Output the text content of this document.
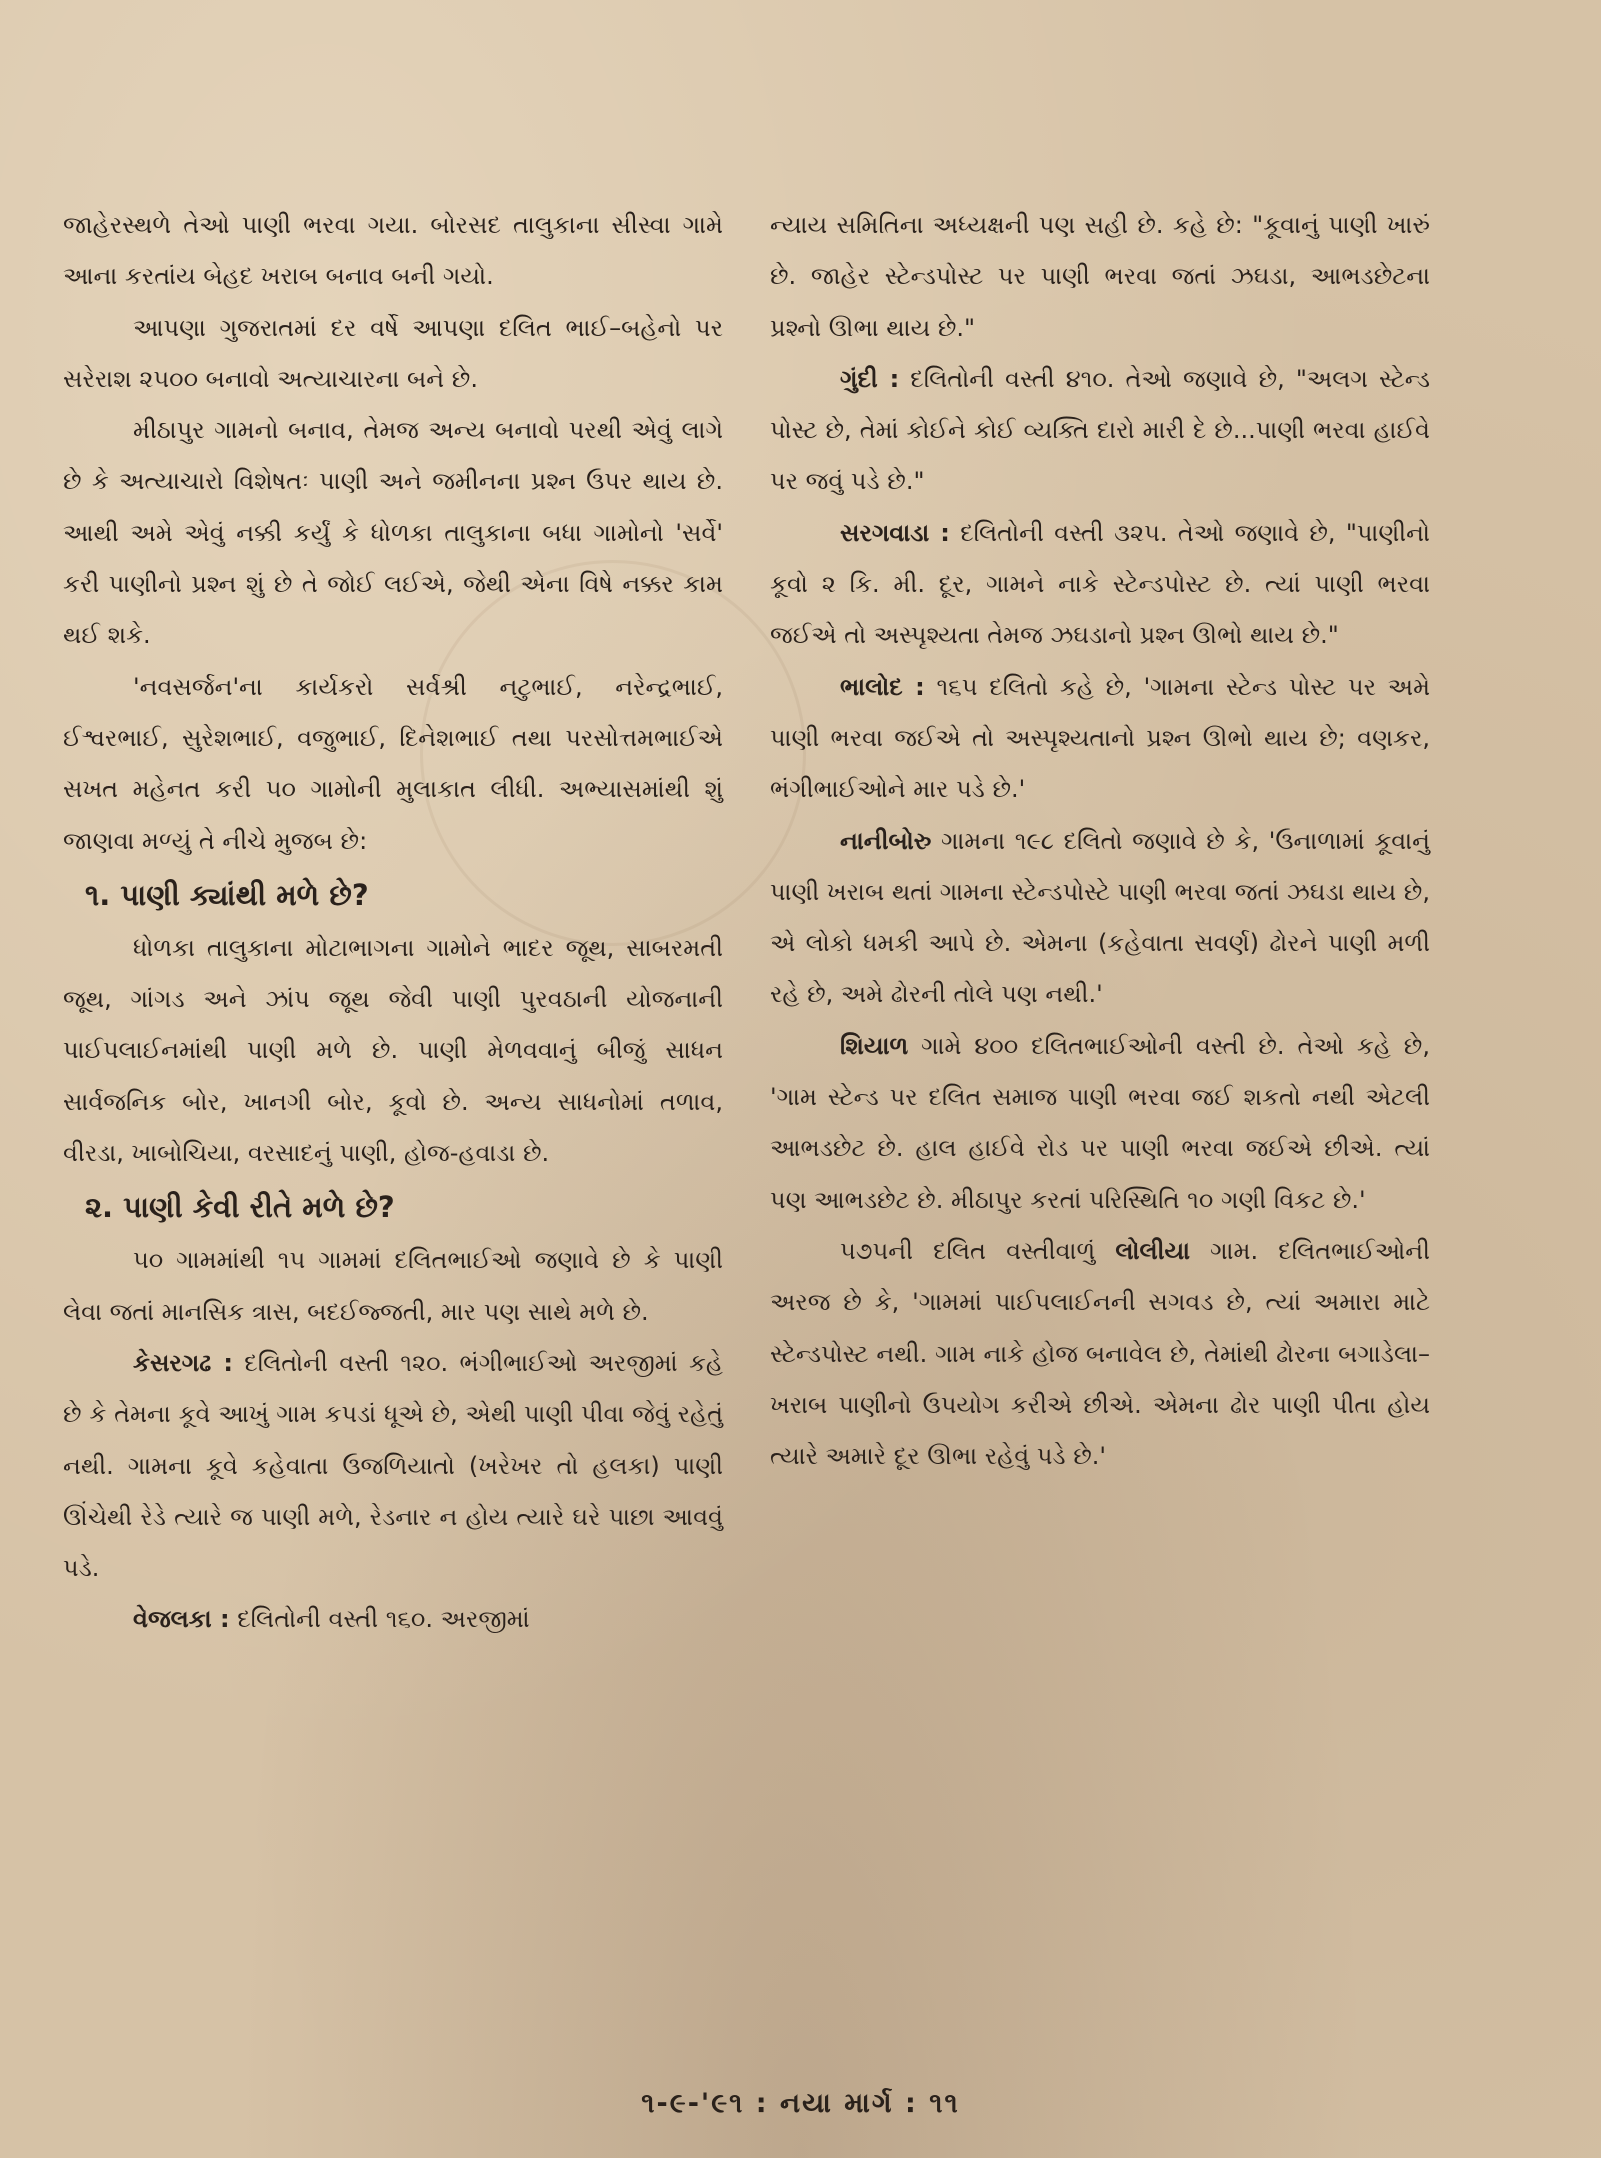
જાહેરસ્થળે તેઓ પાણી ભરવા ગયા. બોરસદ તાલુકાના સીસ્વા ગામે આના કરતાંય બેહદ ખરાબ બનાવ બની ગયો.

આપણા ગુજરાતમાં દર વર્ષે આપણા દલિત ભાઈ–બહેનો પર સરેરાશ ૨૫૦૦ બનાવો અત્યાચારના બને છે.

મીઠાપુર ગામનો બનાવ, તેમજ અન્ય બનાવો પરથી એવું લાગે છે કે અત્યાચારો વિશેષતઃ પાણી અને જમીનના પ્રશ્ન ઉપર થાય છે. આથી અમે એવું નક્કી કર્યું કે ધોળકા તાલુકાના બધા ગામોનો 'સર્વે' કરી પાણીનો પ્રશ્ન શું છે તે જોઈ લઈએ, જેથી એના વિષે નક્કર કામ થઈ શકે.

'નવસર્જન'ના કાર્યકરો સર્વશ્રી નટુભાઈ, નરેન્દ્રભાઈ, ઈશ્વરભાઈ, સુરેશભાઈ, વજુભાઈ, દિનેશભાઈ તથા પરસોત્તમભાઈએ સખત મહેનત કરી ૫૦ ગામોની મુલાકાત લીધી. અભ્યાસમાંથી શું જાણવા મળ્યું તે નીચે મુજબ છે:

૧. પાણી ક્યાંથી મળે છે?

ધોળકા તાલુકાના મોટાભાગના ગામોને ભાદર જૂથ, સાબરમતી જૂથ, ગાંગડ અને ઝાંપ જૂથ જેવી પાણી પુરવઠાની યોજનાની પાઈપલાઈનમાંથી પાણી મળે છે. પાણી મેળવવાનું બીજું સાધન સાર્વજનિક બોર, ખાનગી બોર, કૂવો છે. અન્ય સાધનોમાં તળાવ, વીરડા, ખાબોચિયા, વરસાદનું પાણી, હોજ-હવાડા છે.

૨. પાણી કેવી રીતે મળે છે?

૫૦ ગામમાંથી ૧૫ ગામમાં દલિતભાઈઓ જણાવે છે કે પાણી લેવા જતાં માનસિક ત્રાસ, બદઈજ્જતી, માર પણ સાથે મળે છે.

કેસરગઢ : દલિતોની વસ્તી ૧૨૦. ભંગીભાઈઓ અરજીમાં કહે છે કે તેમના કૂવે આખું ગામ કપડાં ધૂએ છે, એથી પાણી પીવા જેવું રહેતું નથી. ગામના કૂવે કહેવાતા ઉજળિયાતો (ખરેખર તો હલકા) પાણી ઊંચેથી રેડે ત્યારે જ પાણી મળે, રેડનાર ન હોય ત્યારે ઘરે પાછા આવવું પડે.

વેજલકા : દલિતોની વસ્તી ૧૬૦. અરજીમાં

ન્યાય સમિતિના અધ્યક્ષની પણ સહી છે. કહે છે: "કૂવાનું પાણી ખારું છે. જાહેર સ્ટેન્ડપોસ્ટ પર પાણી ભરવા જતાં ઝઘડા, આભડછેટના પ્રશ્નો ઊભા થાય છે."

ગુંદી : દલિતોની વસ્તી ૪૧૦. તેઓ જણાવે છે, "અલગ સ્ટેન્ડ પોસ્ટ છે, તેમાં કોઈને કોઈ વ્યક્તિ દારો મારી દે છે...પાણી ભરવા હાઈવે પર જવું પડે છે."

સરગવાડા : દલિતોની વસ્તી ૩૨૫. તેઓ જણાવે છે, "પાણીનો કૂવો ૨ કિ. મી. દૂર, ગામને નાકે સ્ટેન્ડપોસ્ટ છે. ત્યાં પાણી ભરવા જઈએ તો અસ્પૃશ્યતા તેમજ ઝઘડાનો પ્રશ્ન ઊભો થાય છે."

ભાલોદ : ૧૬૫ દલિતો કહે છે, 'ગામના સ્ટેન્ડ પોસ્ટ પર અમે પાણી ભરવા જઈએ તો અસ્પૃશ્યતાનો પ્રશ્ન ઊભો થાય છે; વણકર, ભંગીભાઈઓને માર પડે છે.'

નાનીબોરુ ગામના ૧૯૮ દલિતો જણાવે છે કે, 'ઉનાળામાં કૂવાનું પાણી ખરાબ થતાં ગામના સ્ટેન્ડપોસ્ટે પાણી ભરવા જતાં ઝઘડા થાય છે, એ લોકો ધમકી આપે છે. એમના (કહેવાતા સવર્ણ) ઢોરને પાણી મળી રહે છે, અમે ઢોરની તોલે પણ નથી.'

શિયાળ ગામે ૪૦૦ દલિતભાઈઓની વસ્તી છે. તેઓ કહે છે, 'ગામ સ્ટેન્ડ પર દલિત સમાજ પાણી ભરવા જઈ શકતો નથી એટલી આભડછેટ છે. હાલ હાઈવે રોડ પર પાણી ભરવા જઈએ છીએ. ત્યાં પણ આભડછેટ છે. મીઠાપુર કરતાં પરિસ્થિતિ ૧૦ ગણી વિકટ છે.'

૫૭૫ની દલિત વસ્તીવાળું લોલીયા ગામ. દલિતભાઈઓની અરજ છે કે, 'ગામમાં પાઈપલાઈનની સગવડ છે, ત્યાં અમારા માટે સ્ટેન્ડપોસ્ટ નથી. ગામ નાકે હોજ બનાવેલ છે, તેમાંથી ઢોરના બગાડેલા–ખરાબ પાણીનો ઉપયોગ કરીએ છીએ. એમના ઢોર પાણી પીતા હોય ત્યારે અમારે દૂર ઊભા રહેવું પડે છે.'

૧-૯-'૯૧ : નયા માર્ગ : ૧૧
